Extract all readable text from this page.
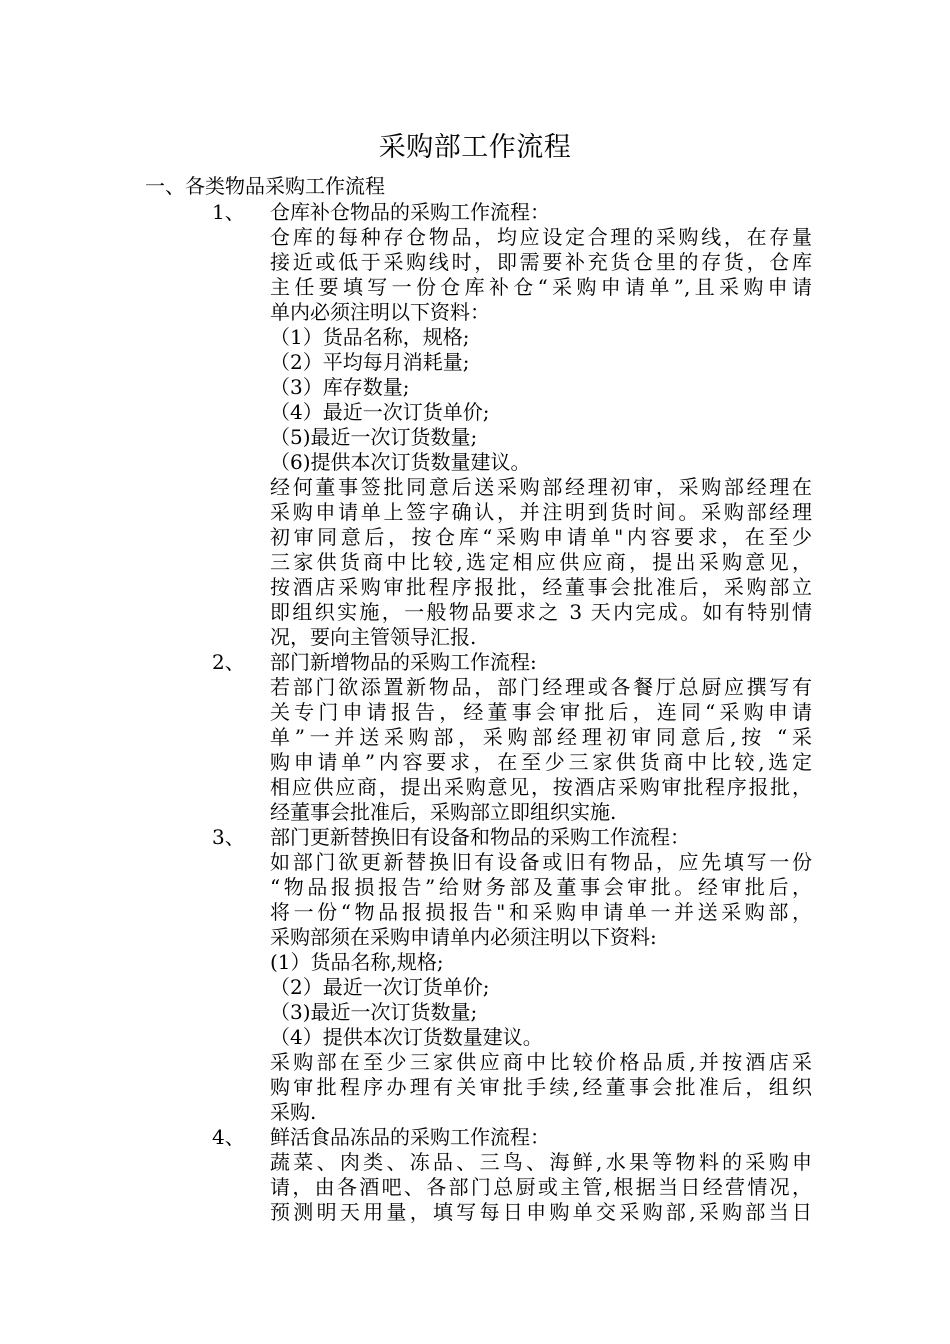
采购部工作流程
一、各类物品采购工作流程
1、	仓库补仓物品的采购工作流程：
仓库的每种存仓物品，均应设定合理的采购线，在存量
接近或低于采购线时，即需要补充货仓里的存货，仓库
主任要填写一份仓库补仓“采购申请单”,且采购申请
单内必须注明以下资料：
（1）货品名称，规格;
（2）平均每月消耗量;
（3）库存数量;
（4）最近一次订货单价;
（5)最近一次订货数量;
（6)提供本次订货数量建议。
经何董事签批同意后送采购部经理初审，采购部经理在
采购申请单上签字确认，并注明到货时间。采购部经理
初审同意后，按仓库“采购申请单"内容要求，在至少
三家供货商中比较,选定相应供应商，提出采购意见，
按酒店采购审批程序报批，经董事会批准后，采购部立
即组织实施，一般物品要求之 3 天内完成。如有特别情
况，要向主管领导汇报.
2、	部门新增物品的采购工作流程:
若部门欲添置新物品，部门经理或各餐厅总厨应撰写有
关专门申请报告，经董事会审批后，连同“采购申请
单”一并送采购部，采购部经理初审同意后,按 “采
购申请单”内容要求，在至少三家供货商中比较,选定
相应供应商，提出采购意见，按酒店采购审批程序报批，
经董事会批准后，采购部立即组织实施.
3、	部门更新替换旧有设备和物品的采购工作流程：
如部门欲更新替换旧有设备或旧有物品，应先填写一份
“物品报损报告”给财务部及董事会审批。经审批后，
将一份“物品报损报告"和采购申请单一并送采购部，
采购部须在采购申请单内必须注明以下资料:
(1）货品名称,规格;
（2）最近一次订货单价;
（3)最近一次订货数量;
（4）提供本次订货数量建议。
采购部在至少三家供应商中比较价格品质,并按酒店采
购审批程序办理有关审批手续,经董事会批准后，组织
采购.
4、	鲜活食品冻品的采购工作流程：
蔬菜、肉类、冻品、三鸟、海鲜,水果等物料的采购申
请，由各酒吧、各部门总厨或主管,根据当日经营情况，
预测明天用量，填写每日申购单交采购部,采购部当日
